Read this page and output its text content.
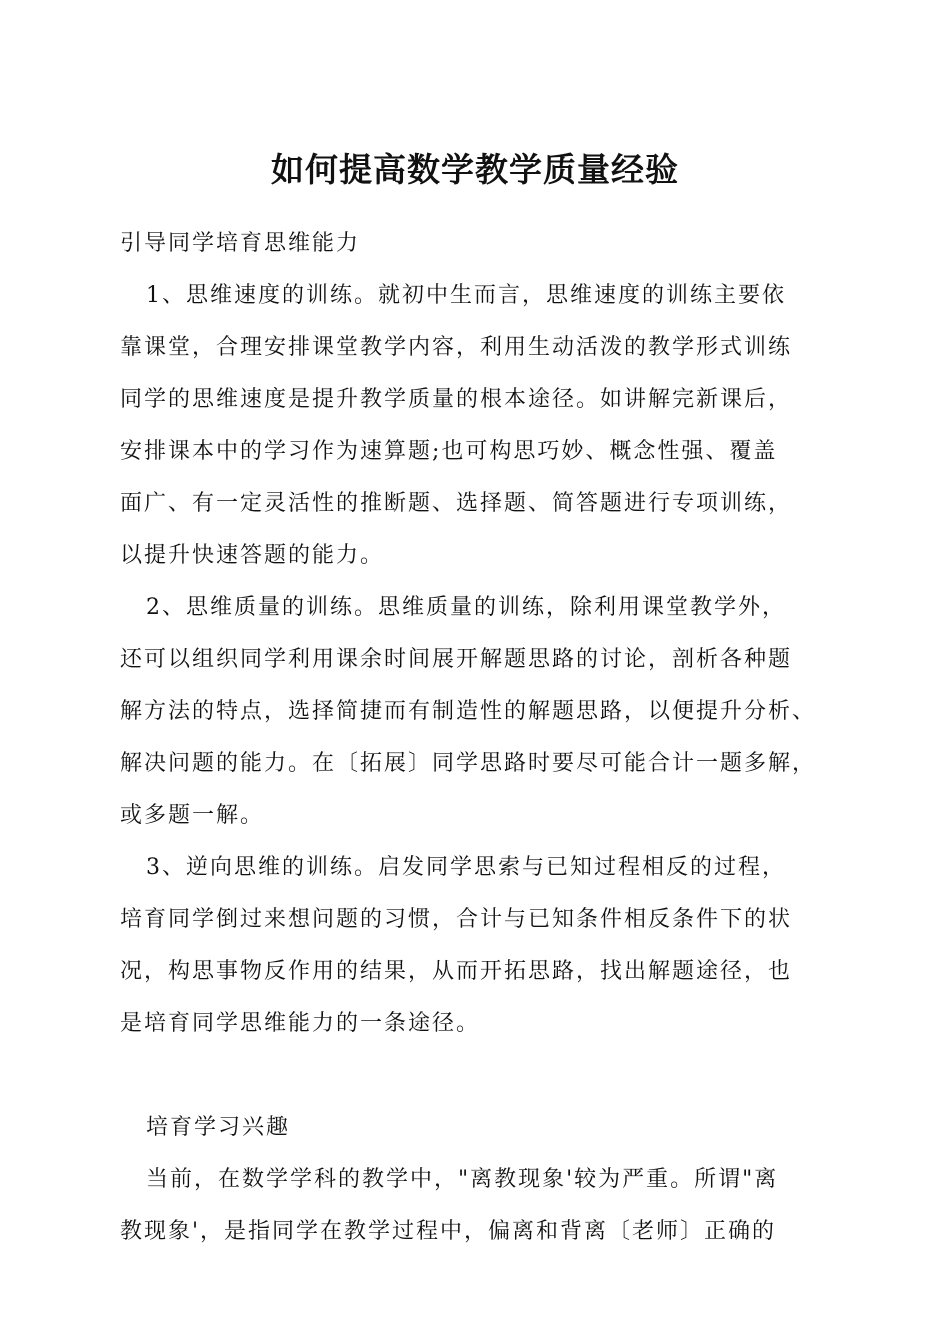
如何提高数学教学质量经验
引导同学培育思维能力
1、思维速度的训练。就初中生而言，思维速度的训练主要依
靠课堂，合理安排课堂教学内容，利用生动活泼的教学形式训练
同学的思维速度是提升教学质量的根本途径。如讲解完新课后，
安排课本中的学习作为速算题;也可构思巧妙、概念性强、覆盖
面广、有一定灵活性的推断题、选择题、简答题进行专项训练，
以提升快速答题的能力。
2、思维质量的训练。思维质量的训练，除利用课堂教学外，
还可以组织同学利用课余时间展开解题思路的讨论，剖析各种题
解方法的特点，选择简捷而有制造性的解题思路，以便提升分析、
解决问题的能力。在〔拓展〕同学思路时要尽可能合计一题多解，
或多题一解。
3、逆向思维的训练。启发同学思索与已知过程相反的过程，
培育同学倒过来想问题的习惯，合计与已知条件相反条件下的状
况，构思事物反作用的结果，从而开拓思路，找出解题途径，也
是培育同学思维能力的一条途径。
培育学习兴趣
当前，在数学学科的教学中，"离教现象'较为严重。所谓"离
教现象'，是指同学在教学过程中，偏离和背离〔老师〕正确的
